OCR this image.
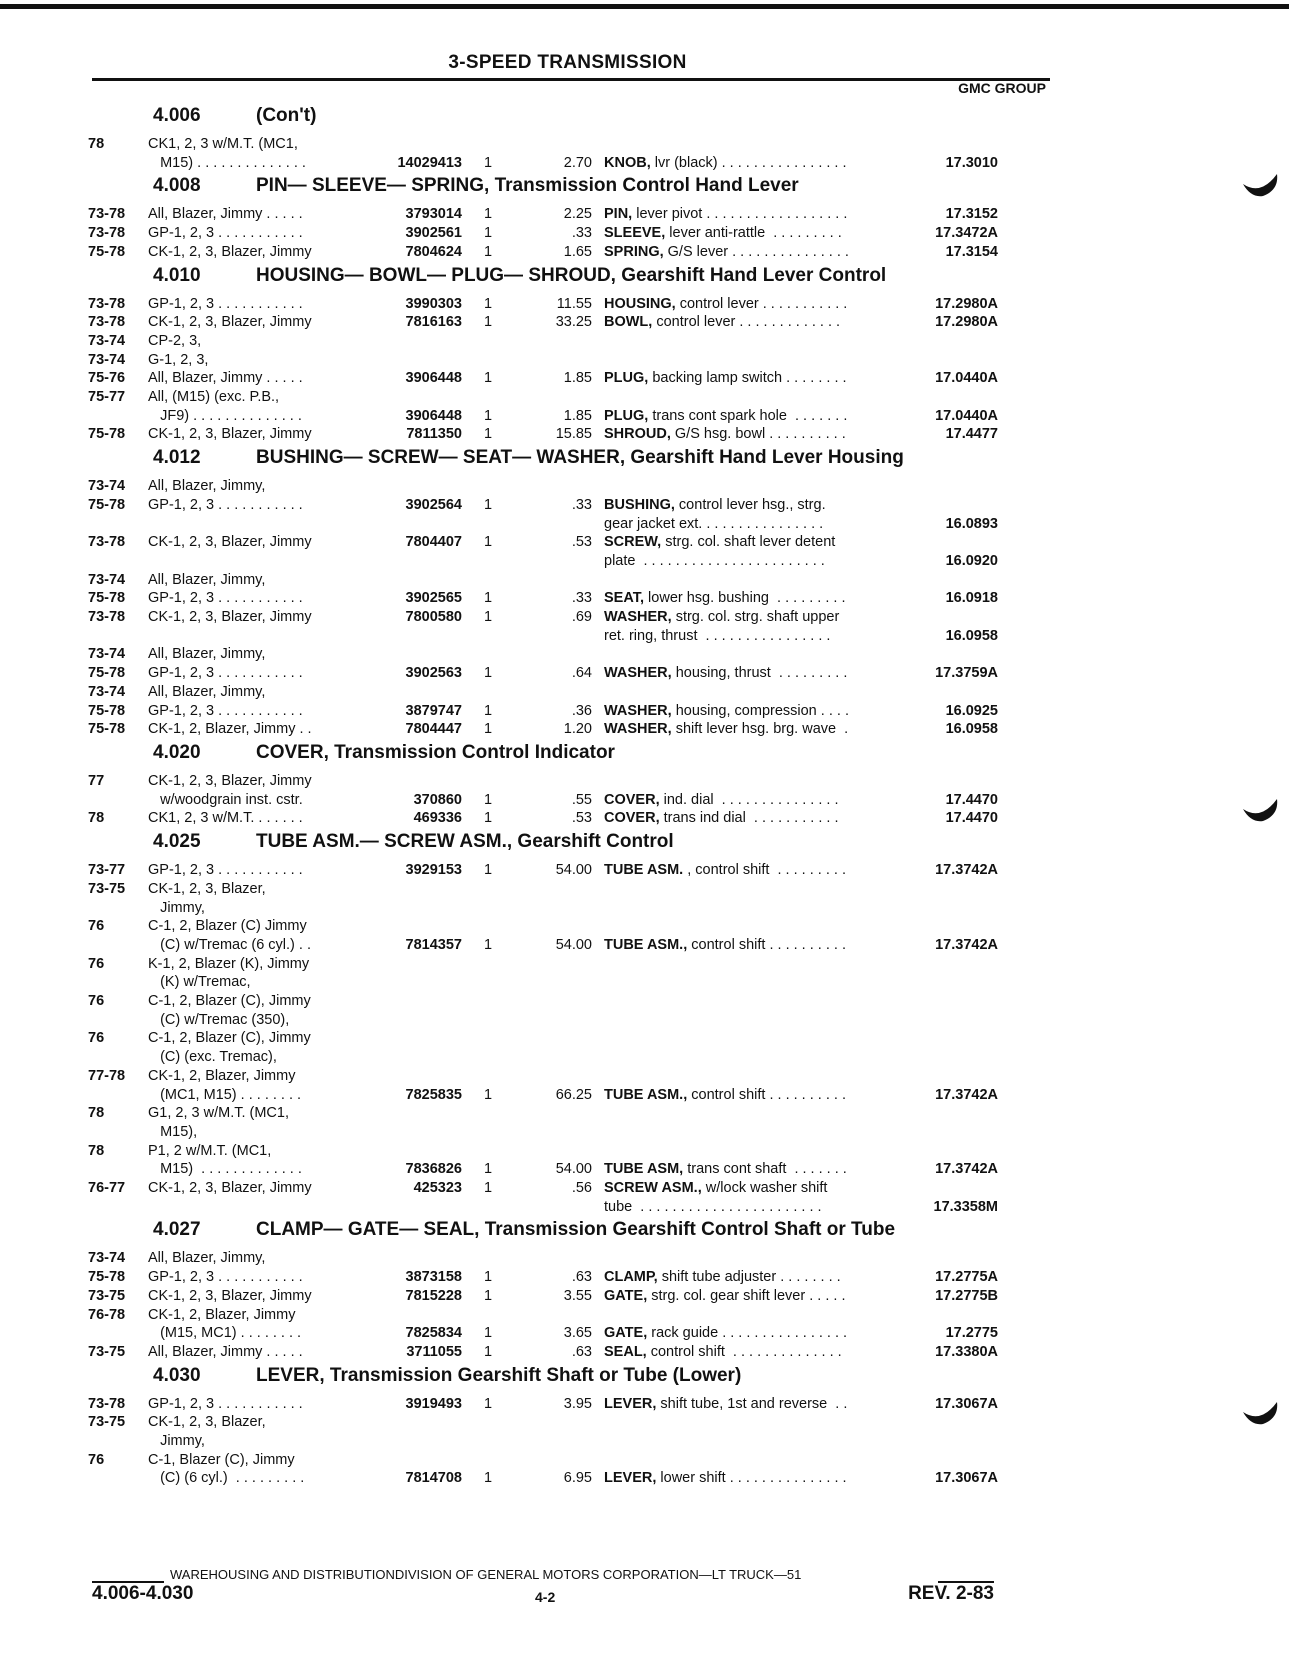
3-SPEED TRANSMISSION
GMC GROUP
4.006	(Con't)
78	CK1, 2, 3 w/M.T. (MC1,
M15) . . . . . . . . . . . . . .	14029413	1	2.70 KNOB, lvr (black) . . . . . . . . . . . . . . . .	17.3010
4.008	PIN— SLEEVE— SPRING, Transmission Control Hand Lever
73-78	All, Blazer, Jimmy . . . . .	3793014	1	2.25 PIN, lever pivot . . . . . . . . . . . . . . . . . .	17.3152
73-78	GP-1, 2, 3 . . . . . . . . . . .	3902561	1	.33 SLEEVE, lever anti-rattle  . . . . . . . . .	17.3472A
75-78	CK-1, 2, 3, Blazer, Jimmy	7804624	1	1.65 SPRING, G/S lever . . . . . . . . . . . . . . .	17.3154
4.010	HOUSING— BOWL— PLUG— SHROUD, Gearshift Hand Lever Control
73-78	GP-1, 2, 3 . . . . . . . . . . .	3990303	1	11.55 HOUSING, control lever . . . . . . . . . . .	17.2980A
73-78	CK-1, 2, 3, Blazer, Jimmy	7816163	1	33.25 BOWL, control lever . . . . . . . . . . . . .	17.2980A
73-74	CP-2, 3,
73-74	G-1, 2, 3,
75-76	All, Blazer, Jimmy . . . . .	3906448	1	1.85 PLUG, backing lamp switch . . . . . . . .	17.0440A
75-77	All, (M15) (exc. P.B.,
JF9) . . . . . . . . . . . . . .	3906448	1	1.85 PLUG, trans cont spark hole  . . . . . . .	17.0440A
75-78	CK-1, 2, 3, Blazer, Jimmy	7811350	1	15.85 SHROUD, G/S hsg. bowl . . . . . . . . . .	17.4477
4.012	BUSHING— SCREW— SEAT— WASHER, Gearshift Hand Lever Housing
73-74	All, Blazer, Jimmy,
75-78	GP-1, 2, 3 . . . . . . . . . . .	3902564	1	.33 BUSHING, control lever hsg., strg.
gear jacket ext. . . . . . . . . . . . . . . .	16.0893
73-78	CK-1, 2, 3, Blazer, Jimmy	7804407	1	.53 SCREW, strg. col. shaft lever detent
plate  . . . . . . . . . . . . . . . . . . . . . . .	16.0920
73-74	All, Blazer, Jimmy,
75-78	GP-1, 2, 3 . . . . . . . . . . .	3902565	1	.33 SEAT, lower hsg. bushing  . . . . . . . . .	16.0918
73-78	CK-1, 2, 3, Blazer, Jimmy	7800580	1	.69 WASHER, strg. col. strg. shaft upper
ret. ring, thrust  . . . . . . . . . . . . . . . .	16.0958
73-74	All, Blazer, Jimmy,
75-78	GP-1, 2, 3 . . . . . . . . . . .	3902563	1	.64 WASHER, housing, thrust  . . . . . . . . .	17.3759A
73-74	All, Blazer, Jimmy,
75-78	GP-1, 2, 3 . . . . . . . . . . .	3879747	1	.36 WASHER, housing, compression . . . .	16.0925
75-78	CK-1, 2, Blazer, Jimmy . .	7804447	1	1.20 WASHER, shift lever hsg. brg. wave  .	16.0958
4.020	COVER, Transmission Control Indicator
77	CK-1, 2, 3, Blazer, Jimmy
w/woodgrain inst. cstr.	370860	1	.55 COVER, ind. dial  . . . . . . . . . . . . . . .	17.4470
78	CK1, 2, 3 w/M.T. . . . . . .	469336	1	.53 COVER, trans ind dial  . . . . . . . . . . .	17.4470
4.025	TUBE ASM.— SCREW ASM., Gearshift Control
73-77	GP-1, 2, 3 . . . . . . . . . . .	3929153	1	54.00 TUBE ASM. , control shift  . . . . . . . . .	17.3742A
73-75	CK-1, 2, 3, Blazer,
Jimmy,
76	C-1, 2, Blazer (C) Jimmy
(C) w/Tremac (6 cyl.) . .	7814357	1	54.00 TUBE ASM., control shift . . . . . . . . . .	17.3742A
76	K-1, 2, Blazer (K), Jimmy
(K) w/Tremac,
76	C-1, 2, Blazer (C), Jimmy
(C) w/Tremac (350),
76	C-1, 2, Blazer (C), Jimmy
(C) (exc. Tremac),
77-78	CK-1, 2, Blazer, Jimmy
(MC1, M15) . . . . . . . .	7825835	1	66.25 TUBE ASM., control shift . . . . . . . . . .	17.3742A
78	G1, 2, 3 w/M.T. (MC1,
M15),
78	P1, 2 w/M.T. (MC1,
M15)  . . . . . . . . . . . . .	7836826	1	54.00 TUBE ASM, trans cont shaft  . . . . . . .	17.3742A
76-77	CK-1, 2, 3, Blazer, Jimmy	425323	1	.56 SCREW ASM., w/lock washer shift
tube  . . . . . . . . . . . . . . . . . . . . . . .	17.3358M
4.027	CLAMP— GATE— SEAL, Transmission Gearshift Control Shaft or Tube
73-74	All, Blazer, Jimmy,
75-78	GP-1, 2, 3 . . . . . . . . . . .	3873158	1	.63 CLAMP, shift tube adjuster . . . . . . . .	17.2775A
73-75	CK-1, 2, 3, Blazer, Jimmy	7815228	1	3.55 GATE, strg. col. gear shift lever . . . . .	17.2775B
76-78	CK-1, 2, Blazer, Jimmy
(M15, MC1) . . . . . . . .	7825834	1	3.65 GATE, rack guide . . . . . . . . . . . . . . . .	17.2775
73-75	All, Blazer, Jimmy . . . . .	3711055	1	.63 SEAL, control shift  . . . . . . . . . . . . . .	17.3380A
4.030	LEVER, Transmission Gearshift Shaft or Tube (Lower)
73-78	GP-1, 2, 3 . . . . . . . . . . .	3919493	1	3.95 LEVER, shift tube, 1st and reverse  . .	17.3067A
73-75	CK-1, 2, 3, Blazer,
Jimmy,
76	C-1, Blazer (C), Jimmy
(C) (6 cyl.)  . . . . . . . . .	7814708	1	6.95 LEVER, lower shift . . . . . . . . . . . . . . .	17.3067A
WAREHOUSING AND DISTRIBUTIONDIVISION OF GENERAL MOTORS CORPORATION—LT TRUCK—51
4.006-4.030	4-2	REV. 2-83
